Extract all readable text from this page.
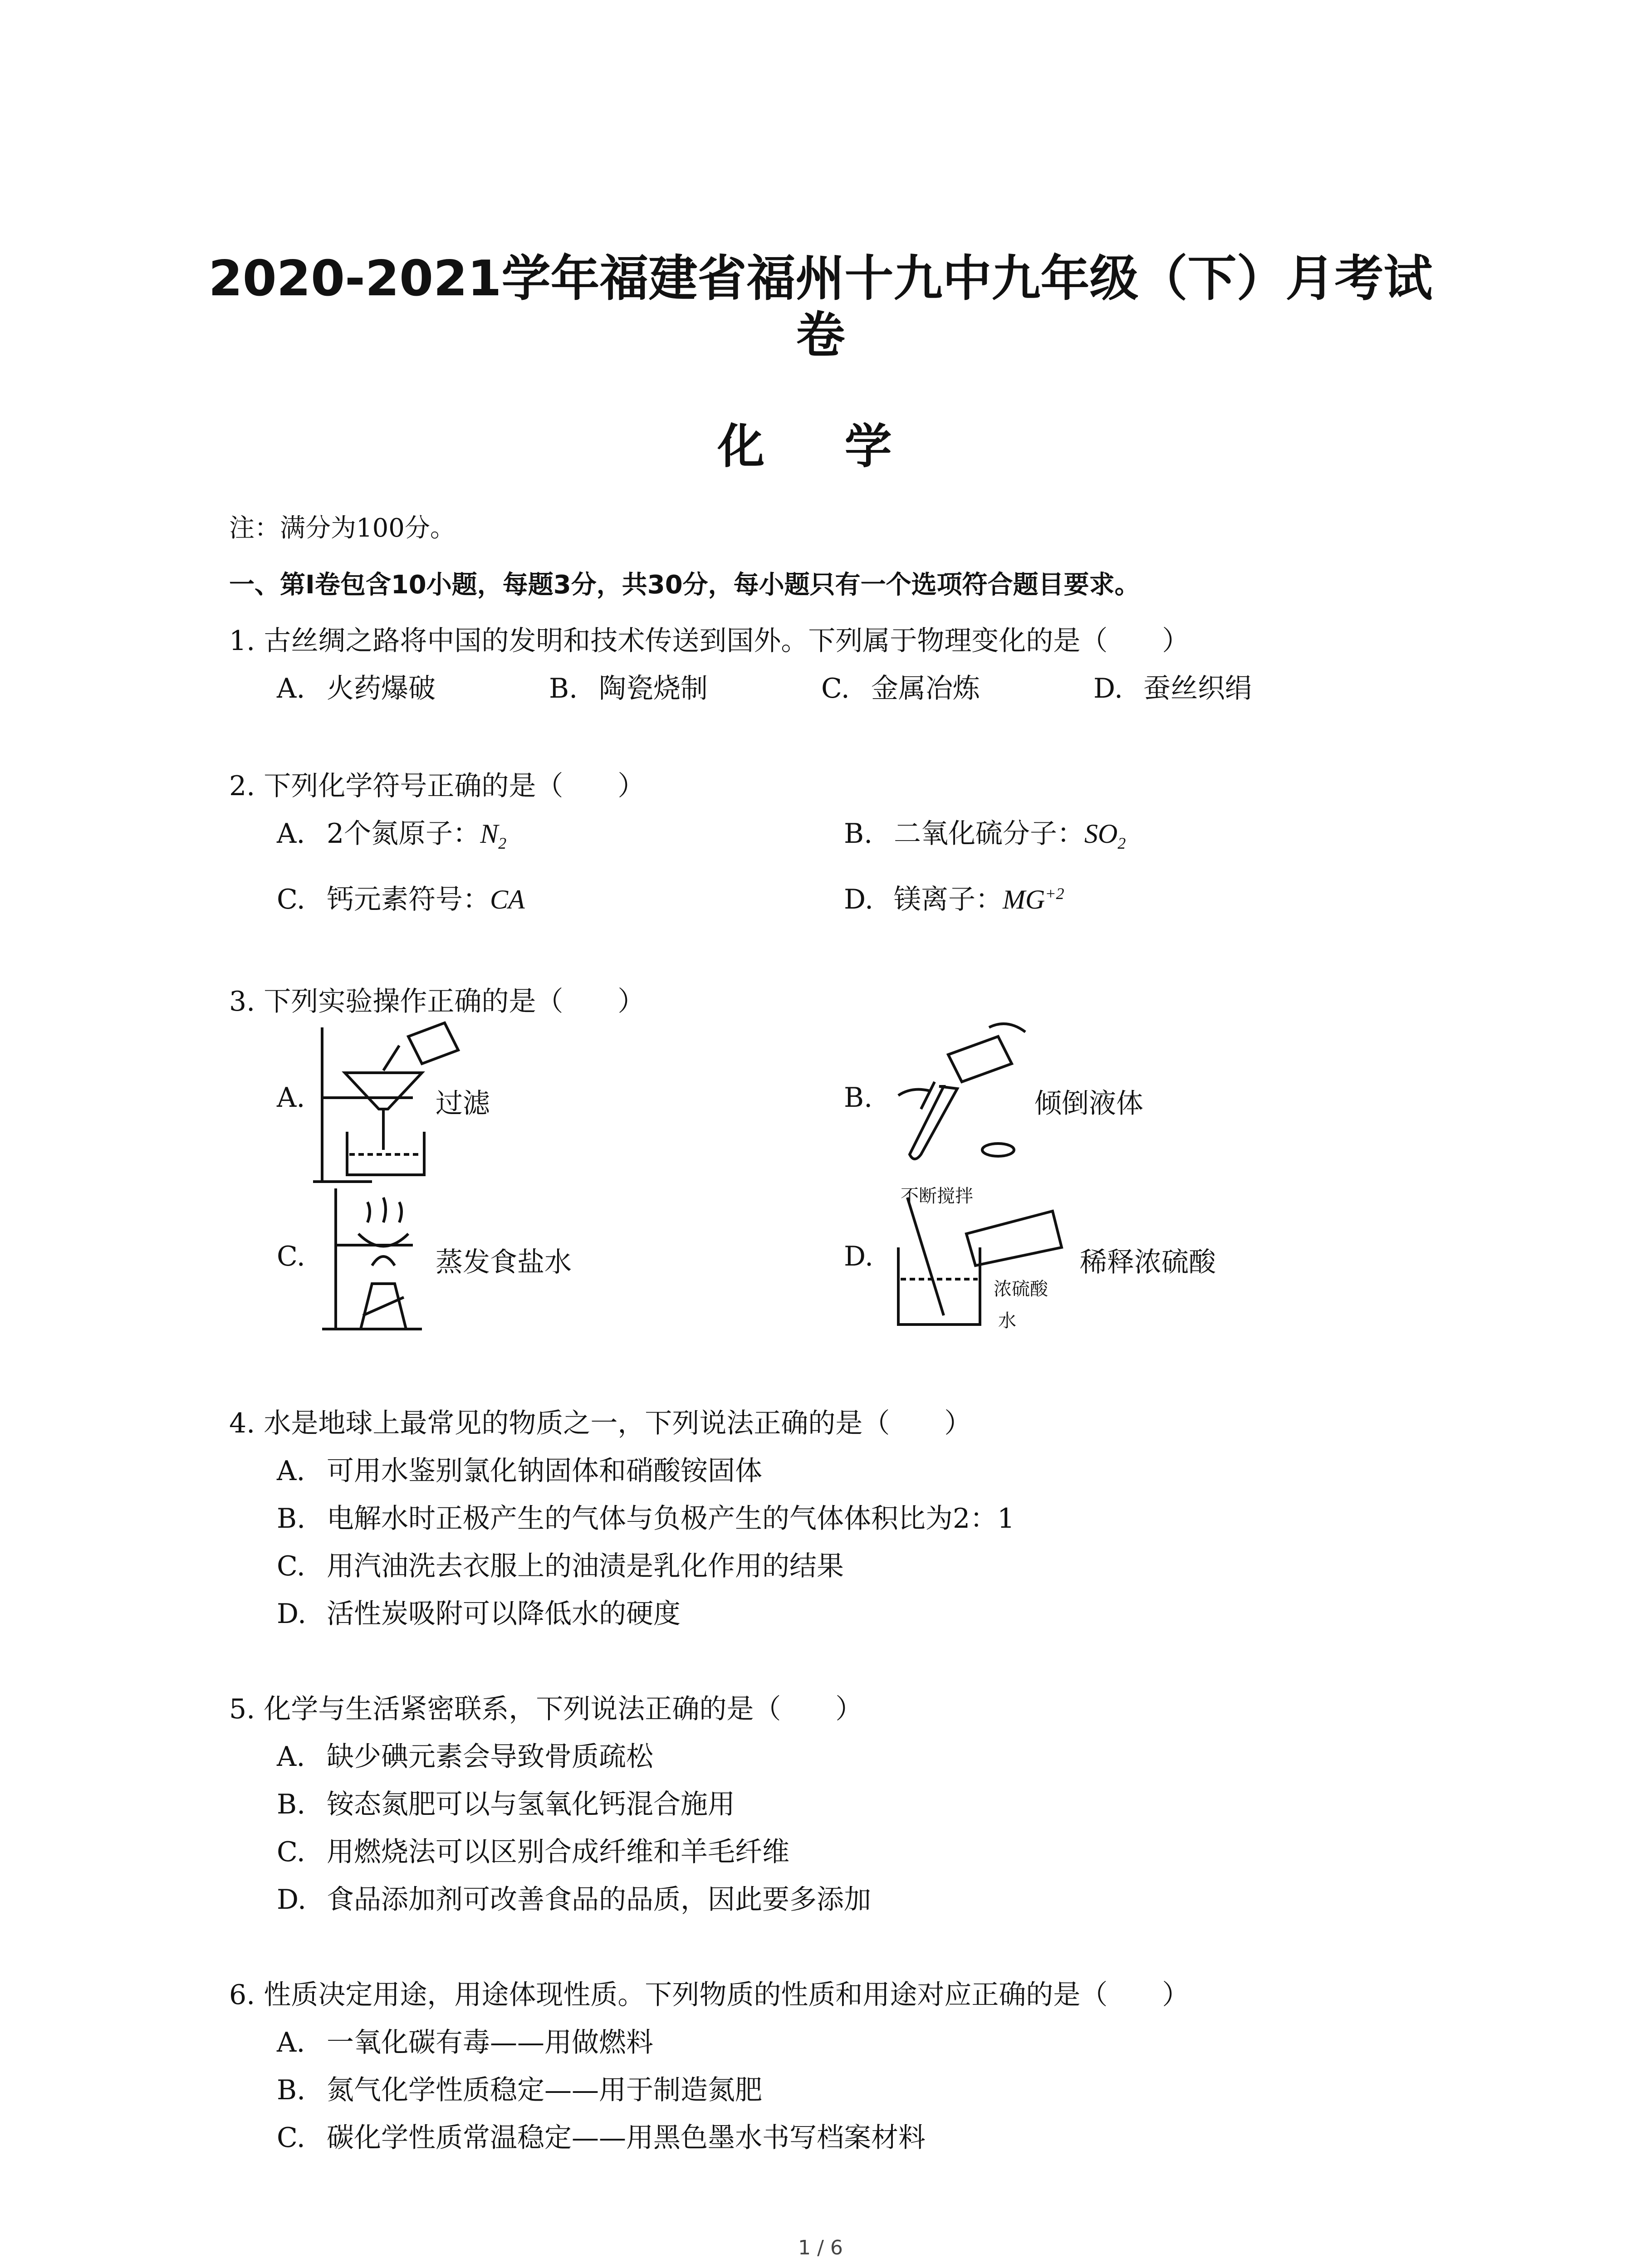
2020-2021学年福建省福州十九中九年级（下）月考试
卷
化 学
注：满分为100分。
一、第Ⅰ卷包含10小题，每题3分，共30分，每小题只有一个选项符合题目要求。
1. 古丝绸之路将中国的发明和技术传送到国外。下列属于物理变化的是（　　）
A. 火药爆破	B. 陶瓷烧制	C. 金属冶炼	D. 蚕丝织绢
2. 下列化学符号正确的是（　　）
A. 2个氮原子：$N_2$	B. 二氧化硫分子：$SO_2$
C. 钙元素符号：CA	D. 镁离子：$MG^{+2}$
3. 下列实验操作正确的是（　　）
A.	过滤	B.	倾倒液体
C.	蒸发食盐水	D.
不断搅拌
浓硫酸
水
稀释浓硫酸
4. 水是地球上最常见的物质之一，下列说法正确的是（　　）
A. 可用水鉴别氯化钠固体和硝酸铵固体
B. 电解水时正极产生的气体与负极产生的气体体积比为2：1
C. 用汽油洗去衣服上的油渍是乳化作用的结果
D. 活性炭吸附可以降低水的硬度
5. 化学与生活紧密联系，下列说法正确的是（　　）
A. 缺少碘元素会导致骨质疏松
B. 铵态氮肥可以与氢氧化钙混合施用
C. 用燃烧法可以区别合成纤维和羊毛纤维
D. 食品添加剂可改善食品的品质，因此要多添加
6. 性质决定用途，用途体现性质。下列物质的性质和用途对应正确的是（　　）
A. 一氧化碳有毒——用做燃料
B. 氮气化学性质稳定——用于制造氮肥
C. 碳化学性质常温稳定——用黑色墨水书写档案材料
1 / 6
